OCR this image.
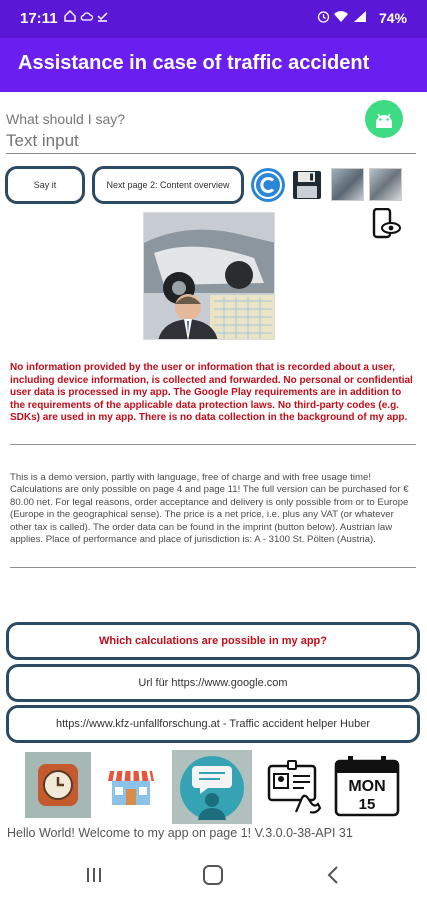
17:11

	74%
Assistance in case of traffic accident
What should I say?
Text input
Say it	Next page 2: Content overview
No information provided by the user or information that is recorded about a user, including device information, is collected and forwarded. No personal or confidential user data is processed in my app. The Google Play requirements are in addition to the requirements of the applicable data protection laws. No third-party codes (e.g. SDKs) are used in my app. There is no data collection in the background of my app.
This is a demo version, partly with language, free of charge and with free usage time! Calculations are only possible on page 4 and page 11! The full version can be purchased for € 80.00 net. For legal reasons, order acceptance and delivery is only possible from or to Europe (Europe in the geographical sense). The price is a net price, i.e. plus any VAT (or whatever other tax is called). The order data can be found in the imprint (button below). Austrian law applies. Place of performance and place of jurisdiction is: A - 3100 St. Pölten (Austria).
Which calculations are possible in my app?
Url für https://www.google.com
https://www.kfz-unfallforschung.at - Traffic accident helper Huber
MON
15
Hello World! Welcome to my app on page 1! V.3.0.0-38-API 31
